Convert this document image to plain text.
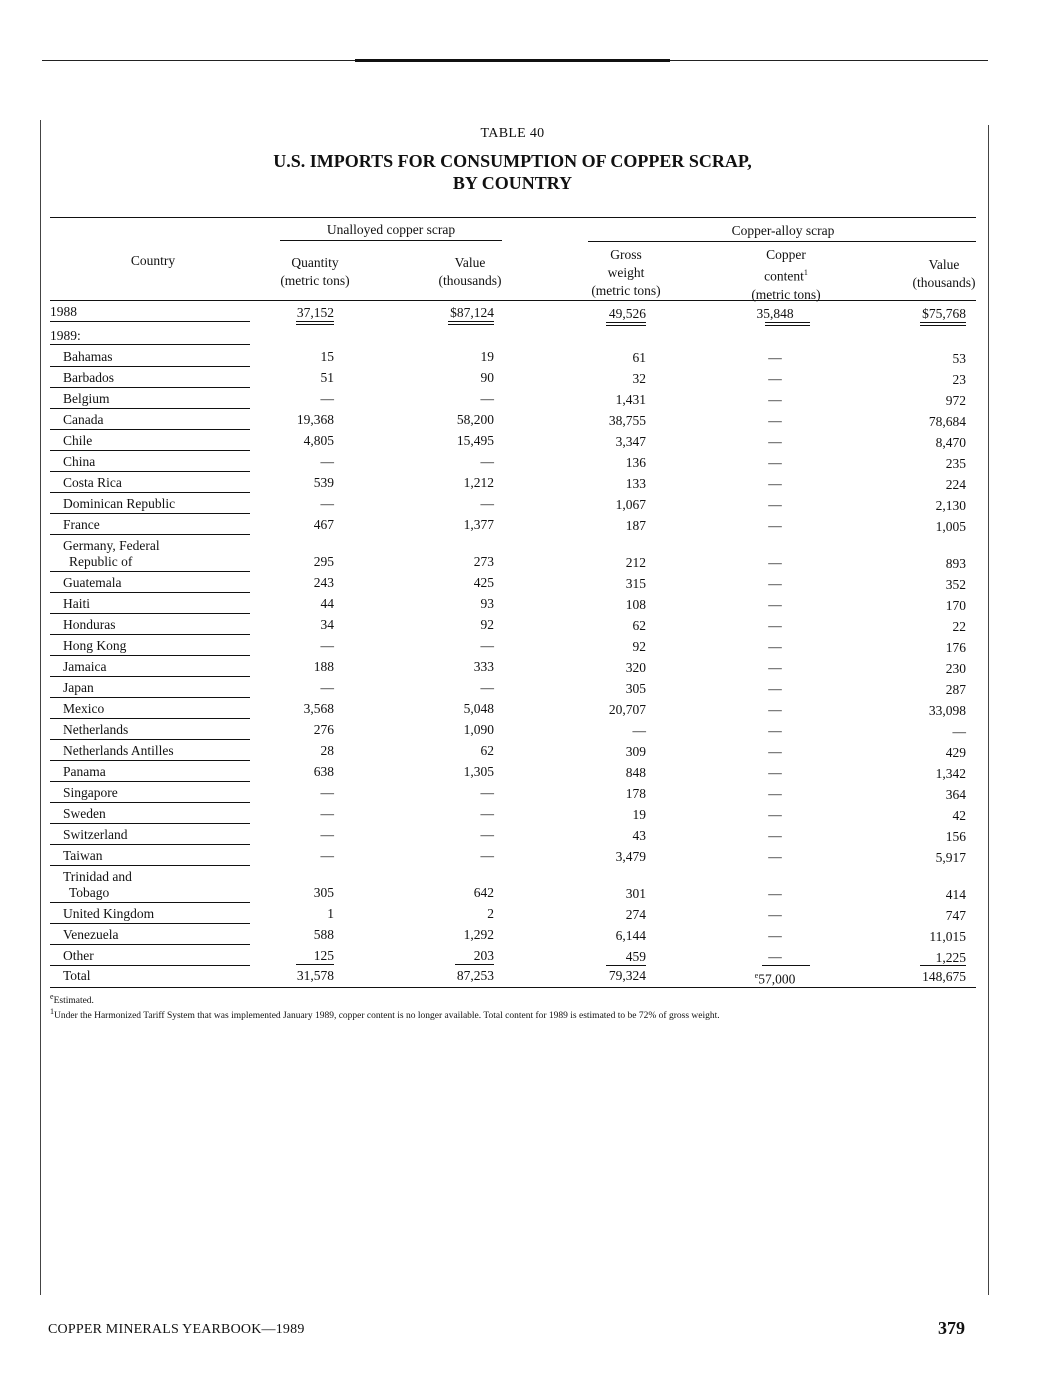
TABLE 40
U.S. IMPORTS FOR CONSUMPTION OF COPPER SCRAP,
BY COUNTRY
Unalloyed copper scrap	Copper-alloy scrap
Country	Quantity
(metric tons)
Value
(thousands)
Gross
weight
(metric tons)
Copper
content$^1$
(metric tons)
Value
(thousands)
1988	37,152	$87,124	49,526	35,848	$75,768
1989:
Bahamas	15	19	61	—	53
Barbados	51	90	32	—	23
Belgium	—	—	1,431	—	972
Canada	19,368	58,200	38,755	—	78,684
Chile	4,805	15,495	3,347	—	8,470
China	—	—	136	—	235
Costa Rica	539	1,212	133	—	224
Dominican Republic	—	—	1,067	—	2,130
France	467	1,377	187	—	1,005
Germany, Federal
Republic of	295	273	212	—	893
Guatemala	243	425	315	—	352
Haiti	44	93	108	—	170
Honduras	34	92	62	—	22
Hong Kong	—	—	92	—	176
Jamaica	188	333	320	—	230
Japan	—	—	305	—	287
Mexico	3,568	5,048	20,707	—	33,098
Netherlands	276	1,090	—	—	—
Netherlands Antilles	28	62	309	—	429
Panama	638	1,305	848	—	1,342
Singapore	—	—	178	—	364
Sweden	—	—	19	—	42
Switzerland	—	—	43	—	156
Taiwan	—	—	3,479	—	5,917
Trinidad and
Tobago	305	642	301	—	414
United Kingdom	1	2	274	—	747
Venezuela	588	1,292	6,144	—	11,015
Other	125	203	459	—	1,225
Total	31,578	87,253	79,324	$^e$57,000	148,675
$^e$Estimated.
$^1$Under the Harmonized Tariff System that was implemented January 1989, copper content is no longer available. Total content for 1989 is estimated to be 72% of gross weight.
COPPER MINERALS YEARBOOK—1989	379
